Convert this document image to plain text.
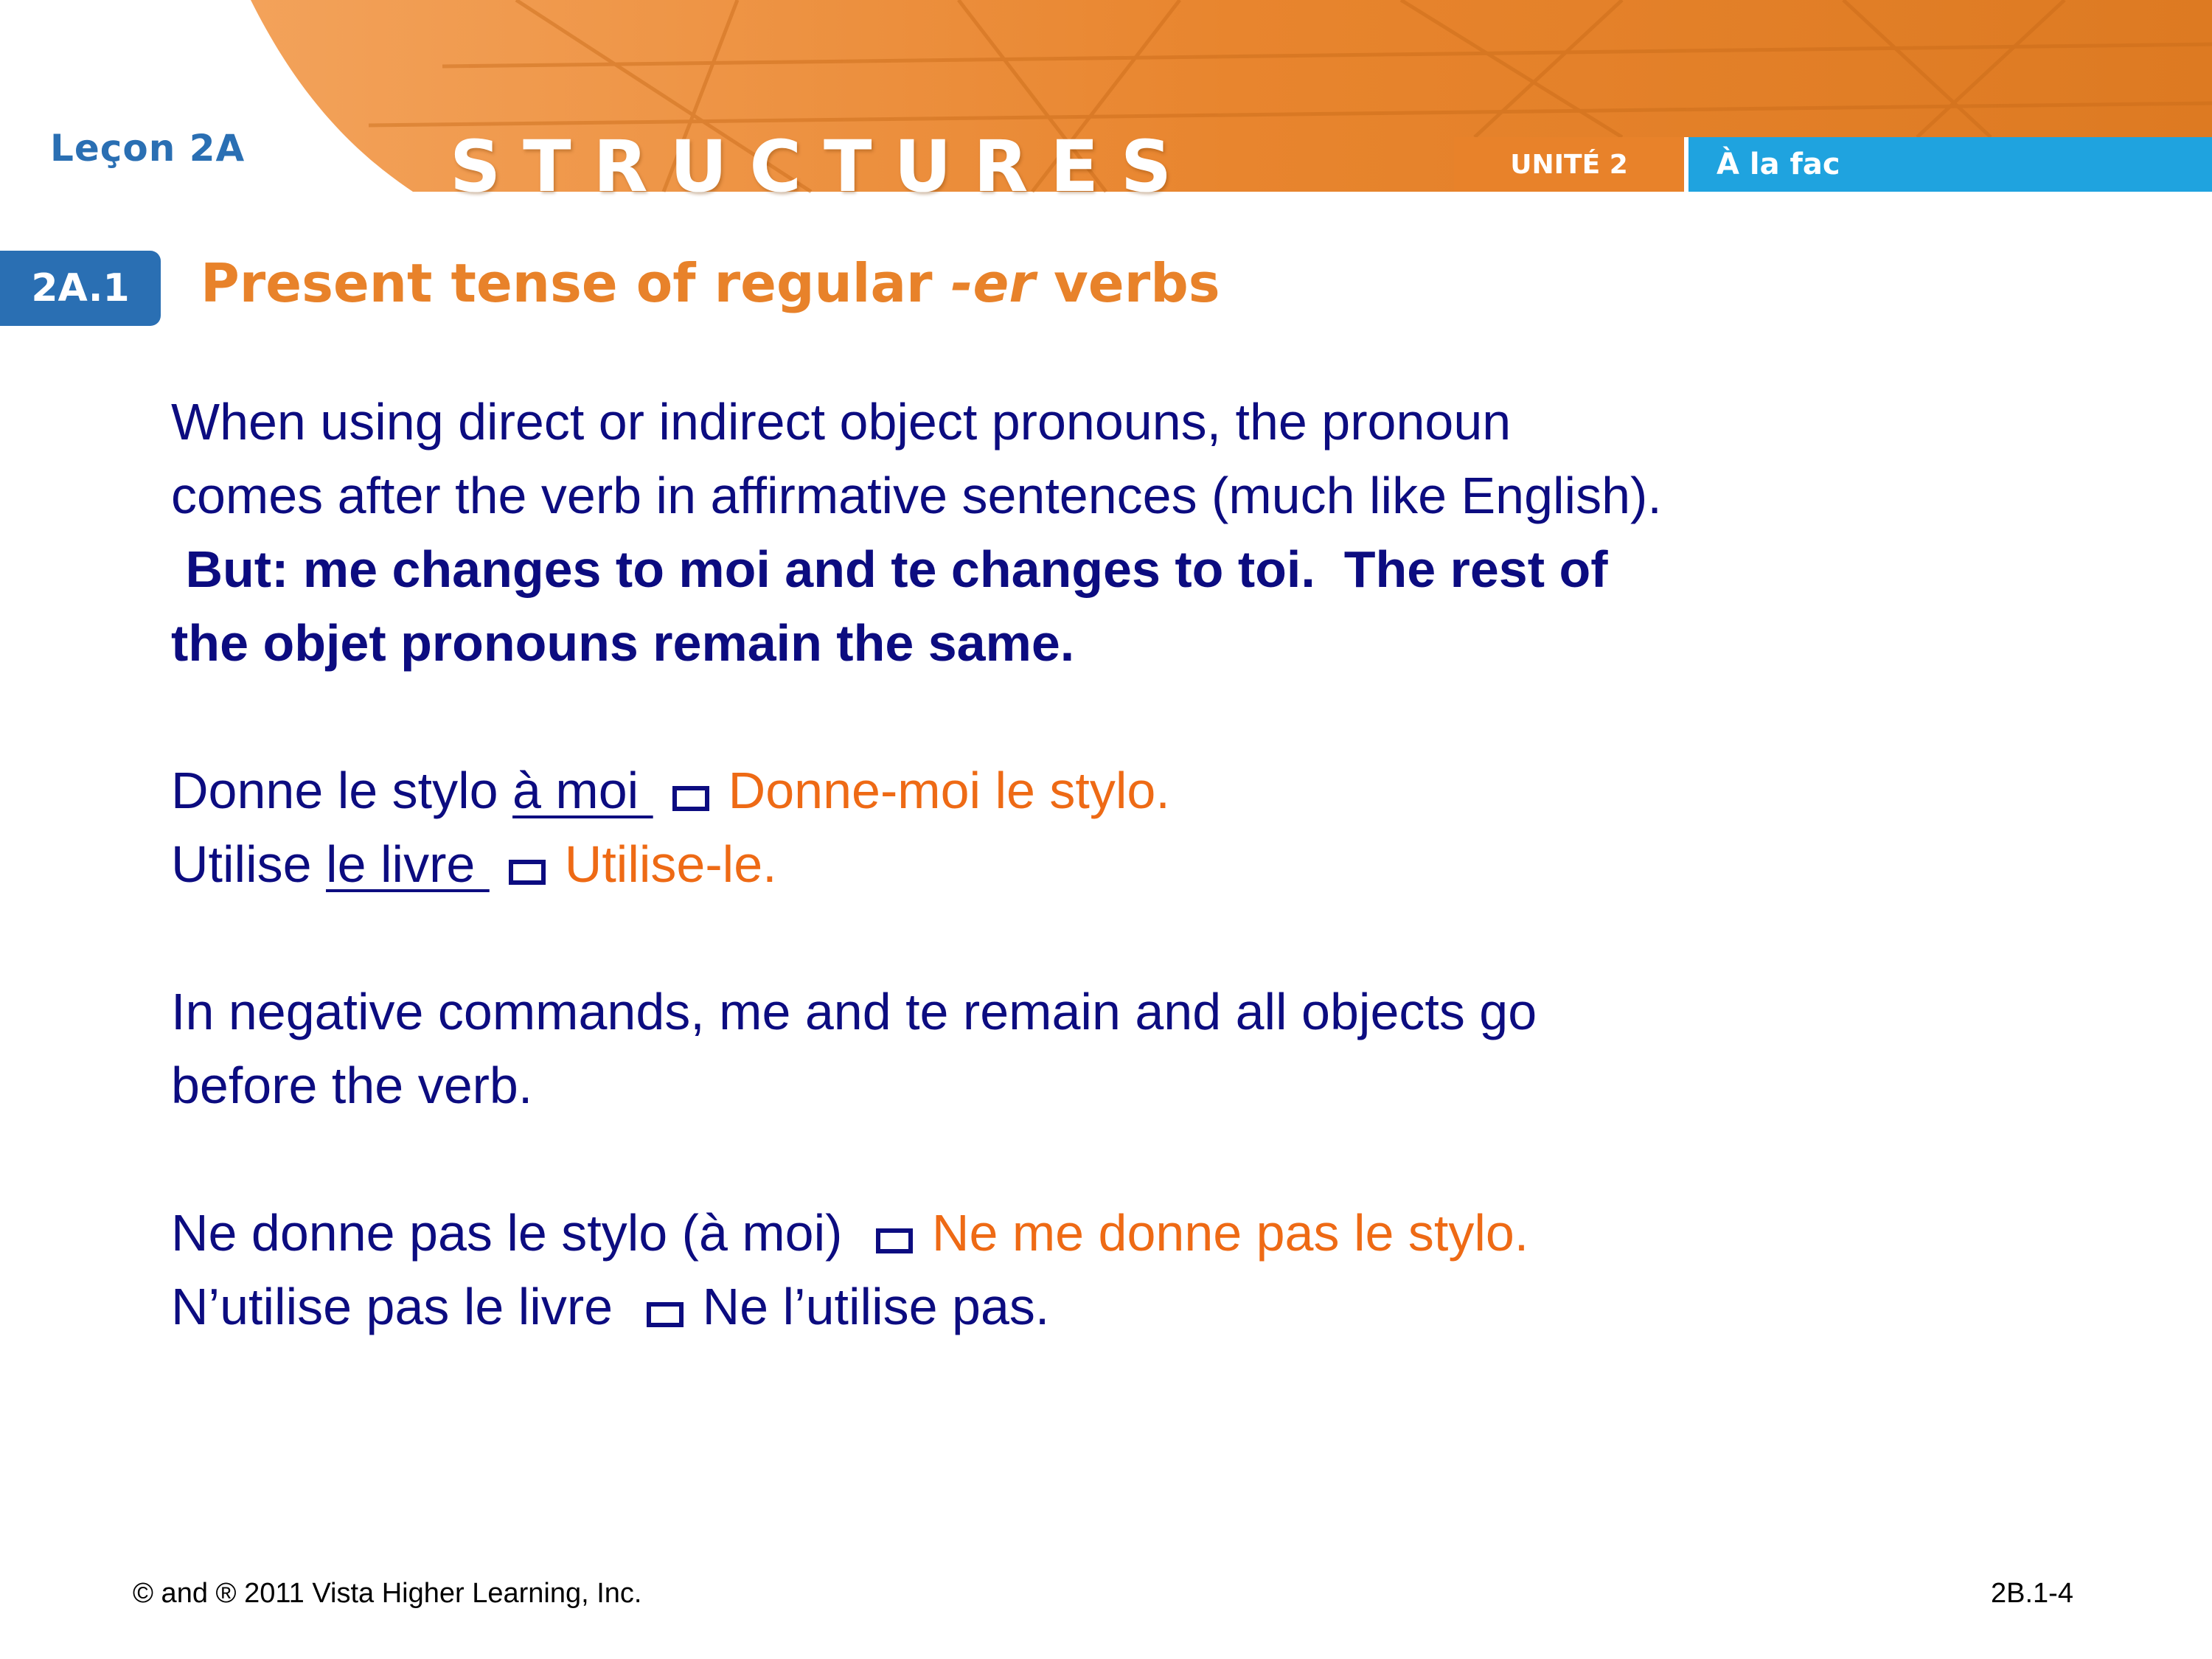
Leçon 2A	STRUCTURES	UNITÉ 2	À la fac
2A.1	Present tense of regular -er verbs
When using direct or indirect object pronouns, the pronoun
comes after the verb in affirmative sentences (much like English).
But: me changes to moi and te changes to toi.  The rest of
the objet pronouns remain the same.
Donne le stylo à moi Donne-moi le stylo.
Utilise le livre Utilise-le.
In negative commands, me and te remain and all objects go
before the verb.
Ne donne pas le stylo (à moi) Ne me donne pas le stylo.
N’utilise pas le livre Ne l’utilise pas.
© and ® 2011 Vista Higher Learning, Inc.	2B.1-4
